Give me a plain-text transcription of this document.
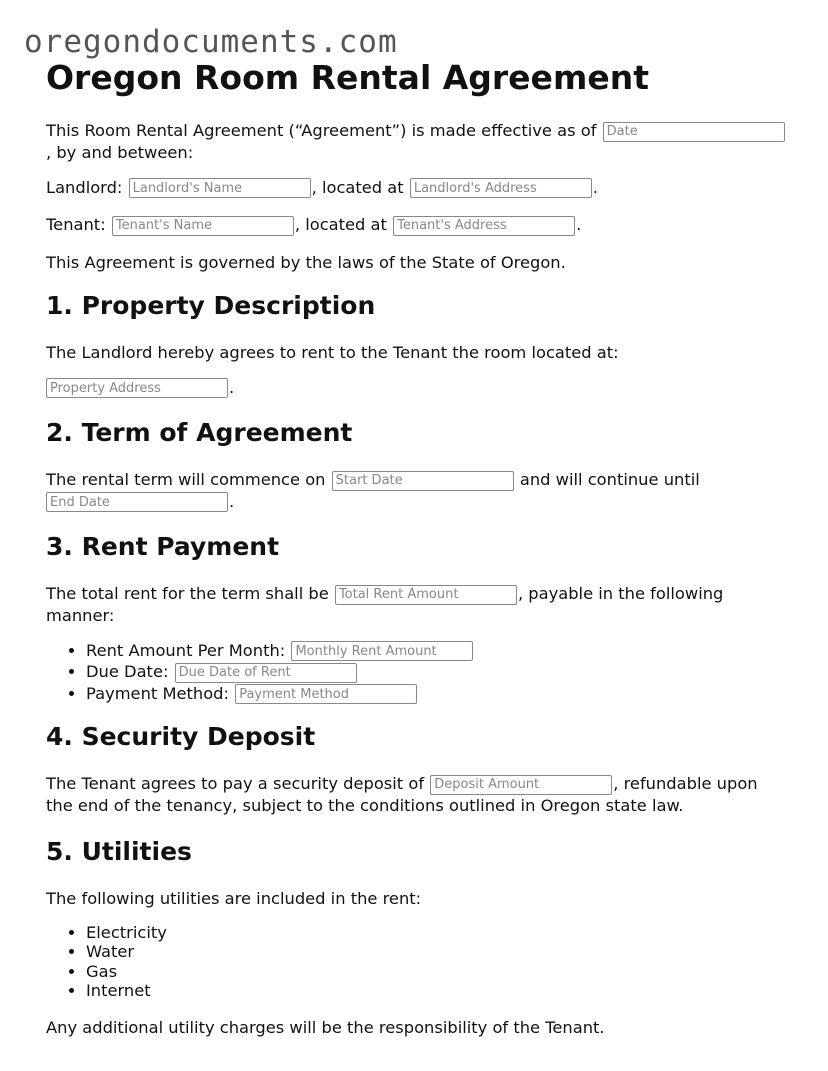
oregondocuments.com
Oregon Room Rental Agreement

This Room Rental Agreement (“Agreement”) is made effective as of Date
, by and between:

Landlord: Landlord's Name	, located at Landlord's Address	.

Tenant: Tenant's Name	, located at Tenant's Address	.

This Agreement is governed by the laws of the State of Oregon.

1. Property Description

The Landlord hereby agrees to rent to the Tenant the room located at:

Property Address.

2. Term of Agreement

The rental term will commence on Start Date	and will continue until
End Date.

3. Rent Payment

The total rent for the term shall be Total Rent Amount	, payable in the following manner:

• Rent Amount Per Month: Monthly Rent Amount
• Due Date: Due Date of Rent
• Payment Method: Payment Method
4. Security Deposit

The Tenant agrees to pay a security deposit of Deposit Amount	, refundable upon the end of the tenancy, subject to the conditions outlined in Oregon state law.

5. Utilities

The following utilities are included in the rent:

• Electricity
• Water
• Gas
• Internet

Any additional utility charges will be the responsibility of the Tenant.
